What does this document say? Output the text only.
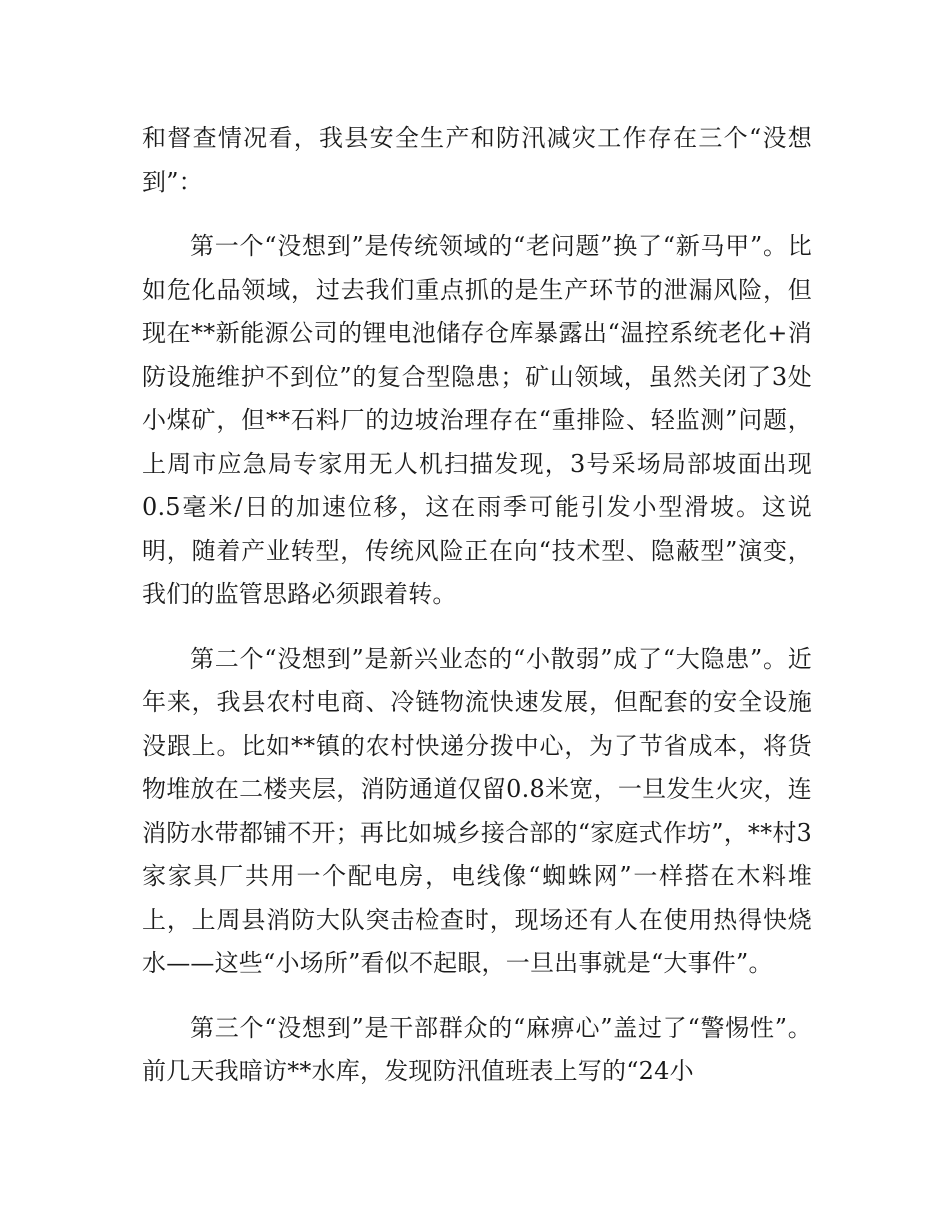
和督查情况看，我县安全生产和防汛减灾工作存在三个“没想到”：

第一个“没想到”是传统领域的“老问题”换了“新马甲”。比如危化品领域，过去我们重点抓的是生产环节的泄漏风险，但现在**新能源公司的锂电池储存仓库暴露出“温控系统老化+消防设施维护不到位”的复合型隐患；矿山领域，虽然关闭了3处小煤矿，但**石料厂的边坡治理存在“重排险、轻监测”问题，上周市应急局专家用无人机扫描发现，3号采场局部坡面出现0.5毫米/日的加速位移，这在雨季可能引发小型滑坡。这说明，随着产业转型，传统风险正在向“技术型、隐蔽型”演变，我们的监管思路必须跟着转。

第二个“没想到”是新兴业态的“小散弱”成了“大隐患”。近年来，我县农村电商、冷链物流快速发展，但配套的安全设施没跟上。比如**镇的农村快递分拨中心，为了节省成本，将货物堆放在二楼夹层，消防通道仅留0.8米宽，一旦发生火灾，连消防水带都铺不开；再比如城乡接合部的“家庭式作坊”，**村3家家具厂共用一个配电房，电线像“蜘蛛网”一样搭在木料堆上，上周县消防大队突击检查时，现场还有人在使用热得快烧水——这些“小场所”看似不起眼，一旦出事就是“大事件”。

第三个“没想到”是干部群众的“麻痹心”盖过了“警惕性”。前几天我暗访**水库，发现防汛值班表上写的“24小
